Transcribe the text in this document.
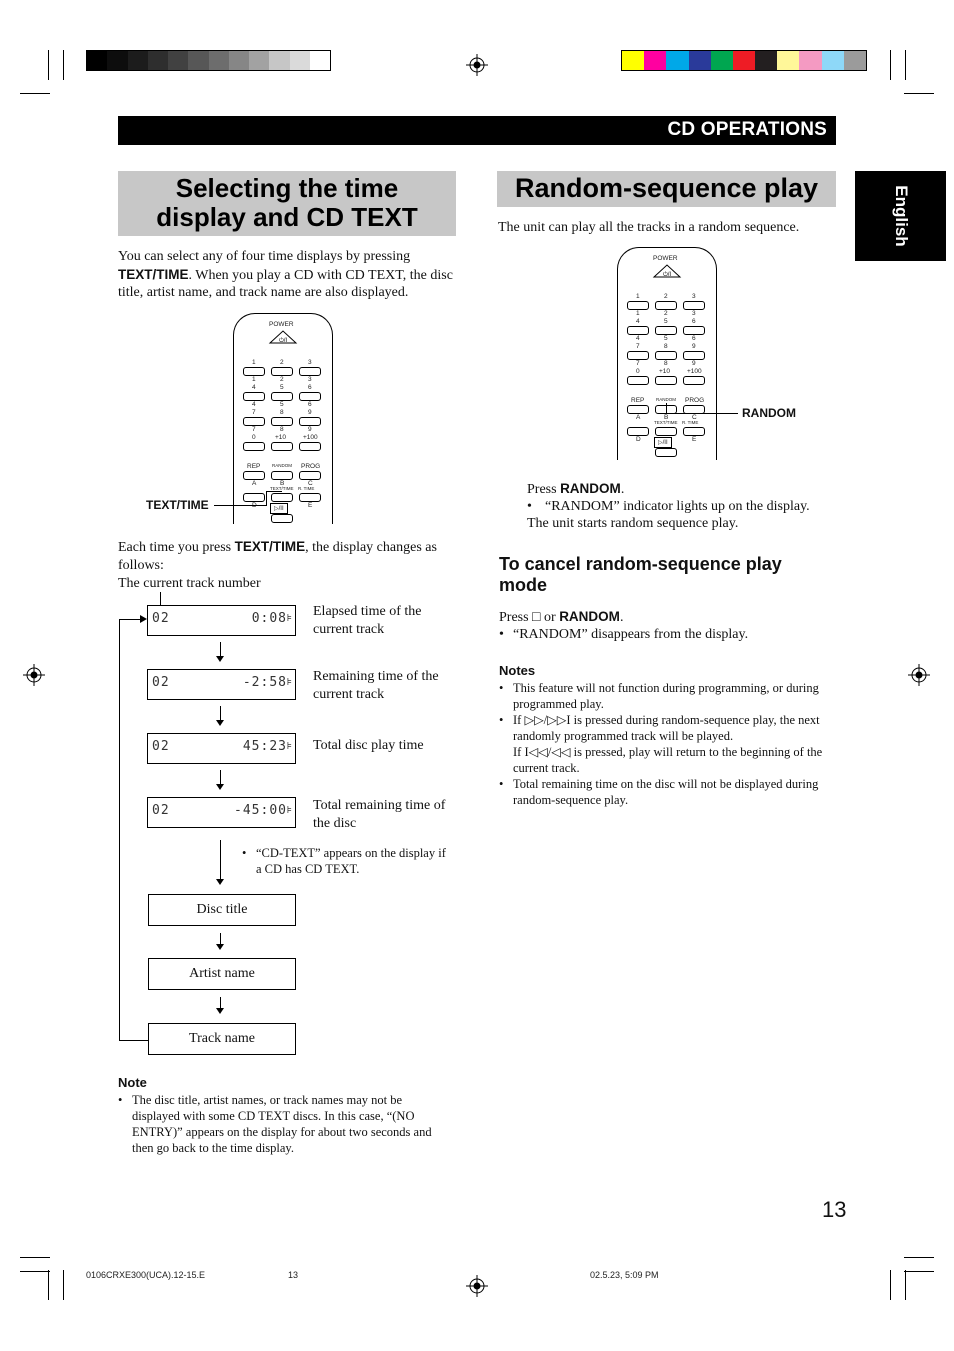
CD OPERATIONS
English
Selecting the time
display and CD TEXT
You can select any of four time displays by pressing
TEXT/TIME. When you play a CD with CD TEXT, the disc title, artist name, and track name are also displayed.
POWER
⏻/I
1
1
2
2
3
3
4
4
5
5
6
6
7
7
8
8
9
9
0	+10	+100
REP	RANDOM PROG
A	B	C
TEXT/TIME R. TIME
E
▷/II
TEXT/TIME
Each time you press TEXT/TIME, the display changes as follows:
The current track number
02	0:08 ⊧ Elapsed time of the current track
02	-2:58 ⊧ Remaining time of the current track
02	45:23 ⊧ Total disc play time
02	-45:00 ⊧ Total remaining time of the disc
• “CD-TEXT” appears on the display if a CD has CD TEXT.
Disc title
Artist name
Track name
Note
• The disc title, artist names, or track names may not be displayed with some CD TEXT discs. In this case, “(NO ENTRY)” appears on the display for about two seconds and then go back to the time display.
Random-sequence play
The unit can play all the tracks in a random sequence.
POWER
⏻/I
1
1
2
2
3
3
4
4
5
5
6
6
7
7
8
8
9
9
0	+10	+100
REP	RANDOM PROG
A	B	C
TEXT/TIME R. TIME
D	E
▷/II
RANDOM
Press RANDOM.
• “RANDOM” indicator lights up on the display.
The unit starts random sequence play.
To cancel random-sequence play mode
Press □ or RANDOM.
• “RANDOM” disappears from the display.
Notes
• This feature will not function during programming, or during programmed play.
• If ▷▷/▷▷I is pressed during random-sequence play, the next randomly programmed track will be played.
If I◁◁/◁◁ is pressed, play will return to the beginning of the current track.
• Total remaining time on the disc will not be displayed during random-sequence play.
13
0106CRXE300(UCA).12-15.E	13	02.5.23, 5:09 PM
